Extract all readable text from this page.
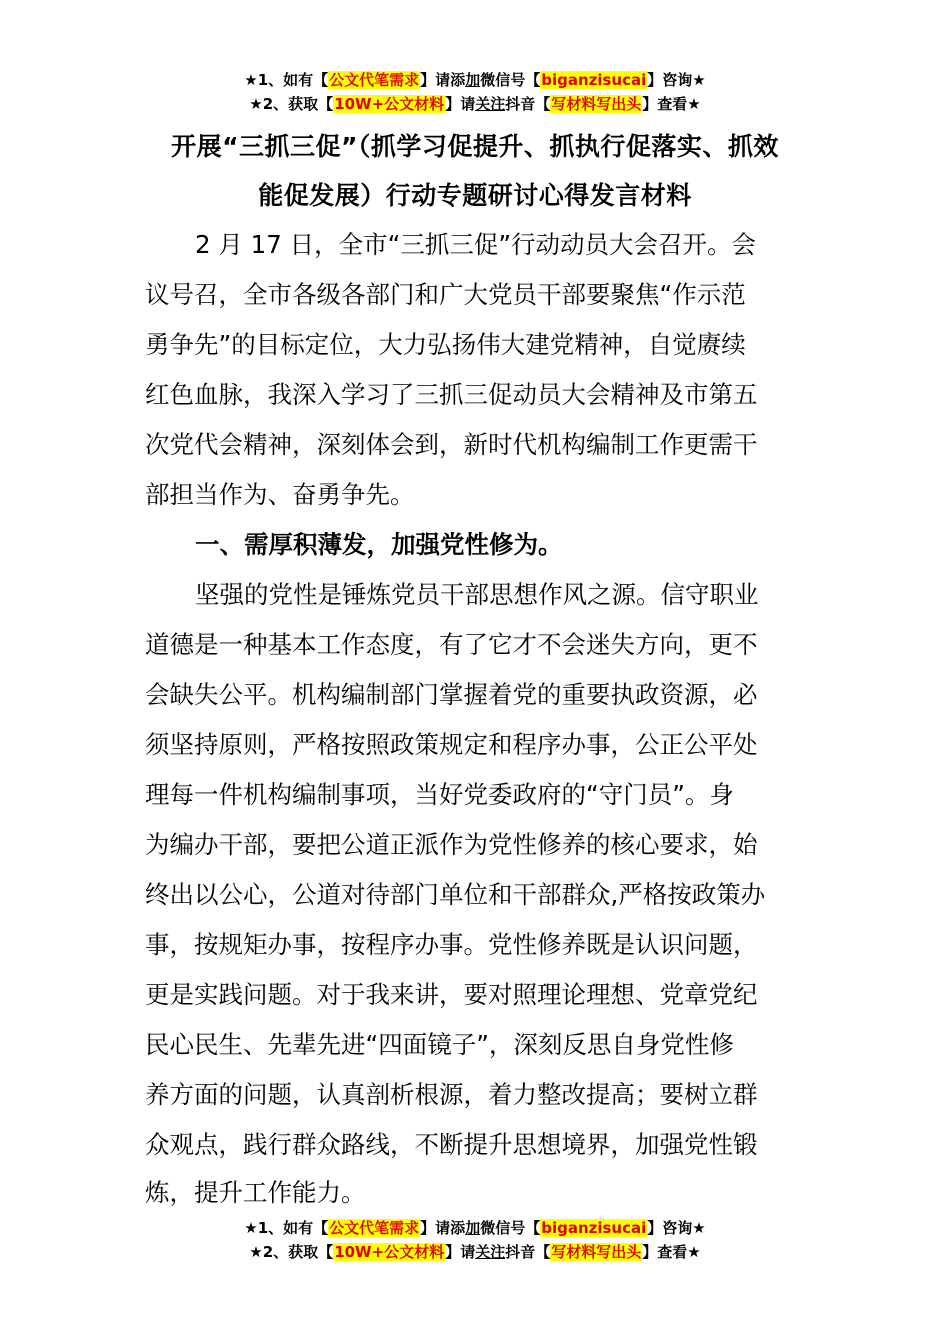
★1、如有【公文代笔需求】请添加微信号【biganzisucai】咨询★
★2、获取【10W+公文材料】请关注抖音【写材料写出头】查看★
开展“三抓三促”（抓学习促提升、抓执行促落实、抓效
能促发展）行动专题研讨心得发言材料
2 月 17 日，全市“三抓三促”行动动员大会召开。会
议号召，全市各级各部门和广大党员干部要聚焦“作示范
勇争先”的目标定位，大力弘扬伟大建党精神，自觉赓续
红色血脉，我深入学习了三抓三促动员大会精神及市第五
次党代会精神，深刻体会到，新时代机构编制工作更需干
部担当作为、奋勇争先。
一、需厚积薄发，加强党性修为。
坚强的党性是锤炼党员干部思想作风之源。信守职业
道德是一种基本工作态度，有了它才不会迷失方向，更不
会缺失公平。机构编制部门掌握着党的重要执政资源，必
须坚持原则，严格按照政策规定和程序办事，公正公平处
理每一件机构编制事项，当好党委政府的“守门员”。身
为编办干部，要把公道正派作为党性修养的核心要求，始
终出以公心，公道对待部门单位和干部群众,严格按政策办
事，按规矩办事，按程序办事。党性修养既是认识问题，
更是实践问题。对于我来讲，要对照理论理想、党章党纪
民心民生、先辈先进“四面镜子”，深刻反思自身党性修
养方面的问题，认真剖析根源，着力整改提高；要树立群
众观点，践行群众路线，不断提升思想境界，加强党性锻
炼，提升工作能力。
★1、如有【公文代笔需求】请添加微信号【biganzisucai】咨询★
★2、获取【10W+公文材料】请关注抖音【写材料写出头】查看★
